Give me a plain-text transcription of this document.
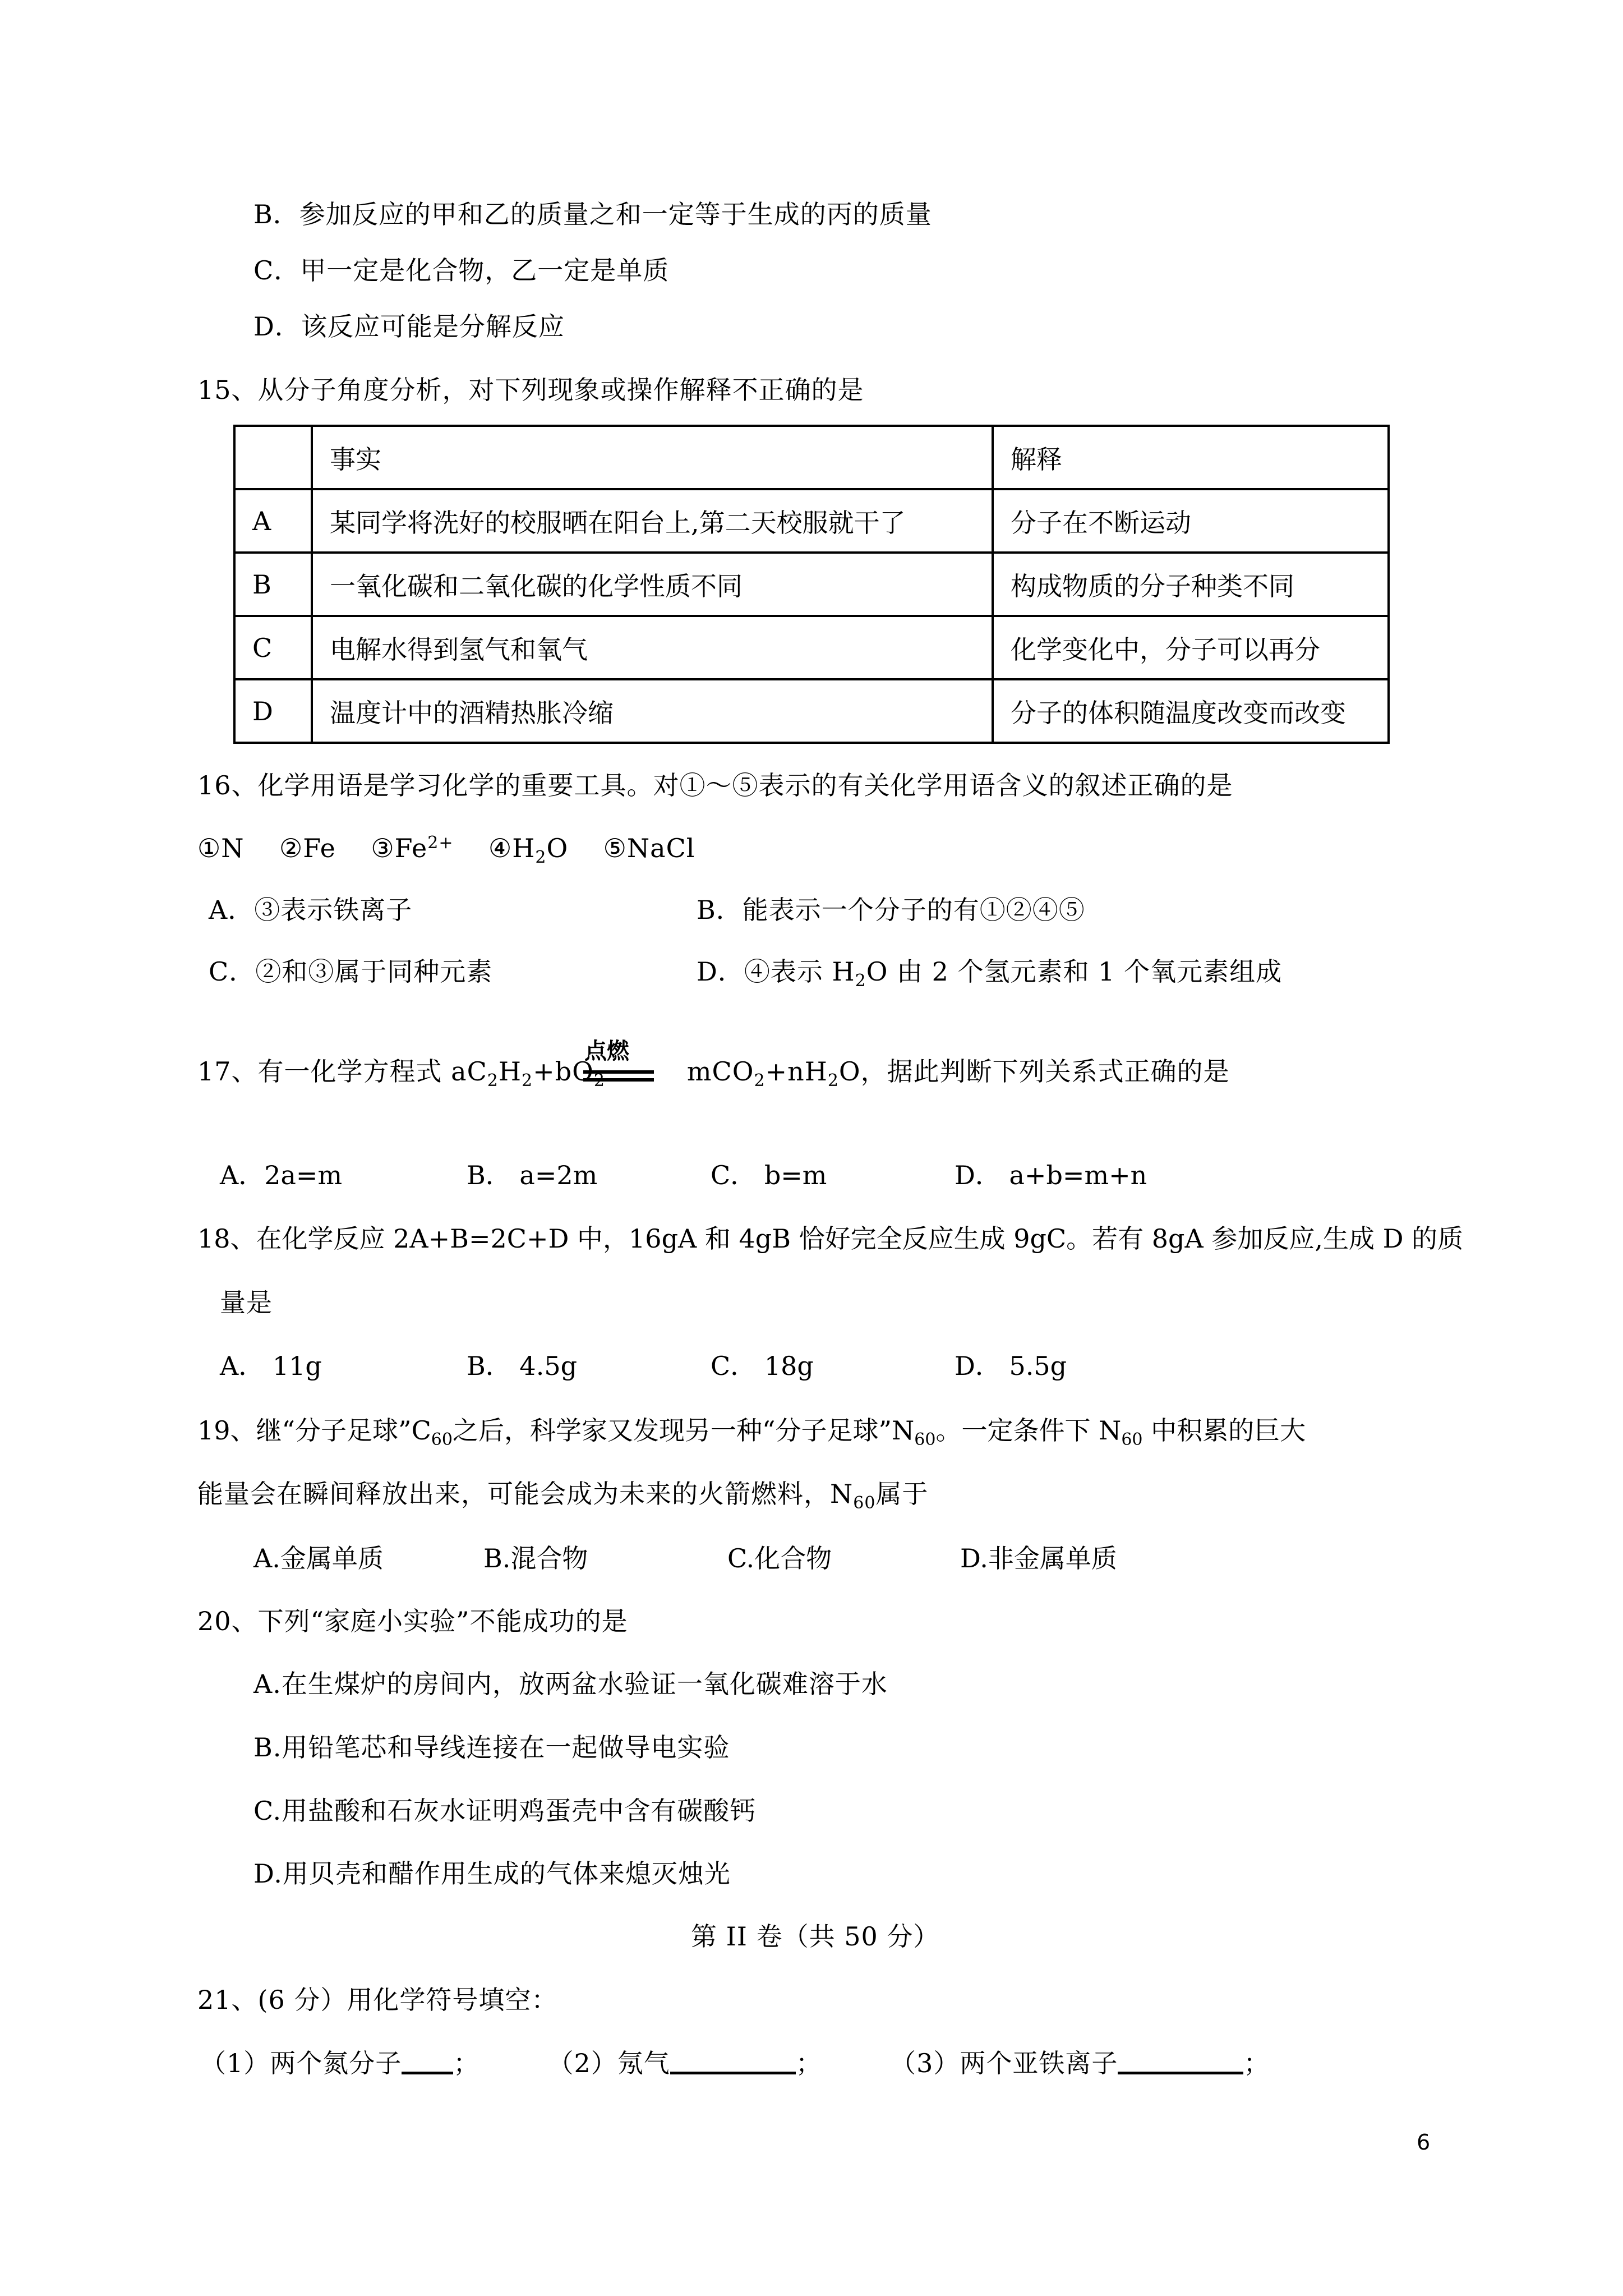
B．参加反应的甲和乙的质量之和一定等于生成的丙的质量
C．甲一定是化合物，乙一定是单质
D．该反应可能是分解反应
15、从分子角度分析，对下列现象或操作解释不正确的是
	事实	解释
A	某同学将洗好的校服晒在阳台上,第二天校服就干了	分子在不断运动
B	一氧化碳和二氧化碳的化学性质不同	构成物质的分子种类不同
C	电解水得到氢气和氧气	化学变化中，分子可以再分
D	温度计中的酒精热胀冷缩	分子的体积随温度改变而改变
16、化学用语是学习化学的重要工具。对①～⑤表示的有关化学用语含义的叙述正确的是
①N ②Fe $③Fe^{2+}$ $④H_2O$ ⑤NaCl
A．③表示铁离子	B．能表示一个分子的有①②④⑤
C．②和③属于同种元素	D．④表示 $H_2O$ 由 2 个氢元素和 1 个氧元素组成
点燃
17、有一化学方程式 $aC_2H_2+bO_2$	$mCO_2+nH_2O$，据此判断下列关系式正确的是
A．2a=m	B． a=2m	C． b=m	D． a+b=m+n
18、在化学反应 2A+B=2C+D 中，16gA 和 4gB 恰好完全反应生成 9gC。若有 8gA 参加反应,生成 D 的质
量是
A． 11g	B． 4.5g	C． 18g	D． 5.5g
19、继“分子足球$”C_{60}$之后，科学家又发现另一种“分子足球$”N_{60}$。一定条件下 $N_{60}$ 中积累的巨大
能量会在瞬间释放出来，可能会成为未来的火箭燃料，$N_{60}$属于
A.金属单质	B.混合物	C.化合物	D.非金属单质
20、下列“家庭小实验”不能成功的是
A.在生煤炉的房间内，放两盆水验证一氧化碳难溶于水
B.用铅笔芯和导线连接在一起做导电实验
C.用盐酸和石灰水证明鸡蛋壳中含有碳酸钙
D.用贝壳和醋作用生成的气体来熄灭烛光
第 II 卷（共 50 分）
21、(6 分）用化学符号填空：
（1）两个氮分子 ；	（2）氖气	；	（3）两个亚铁离子	；
6
